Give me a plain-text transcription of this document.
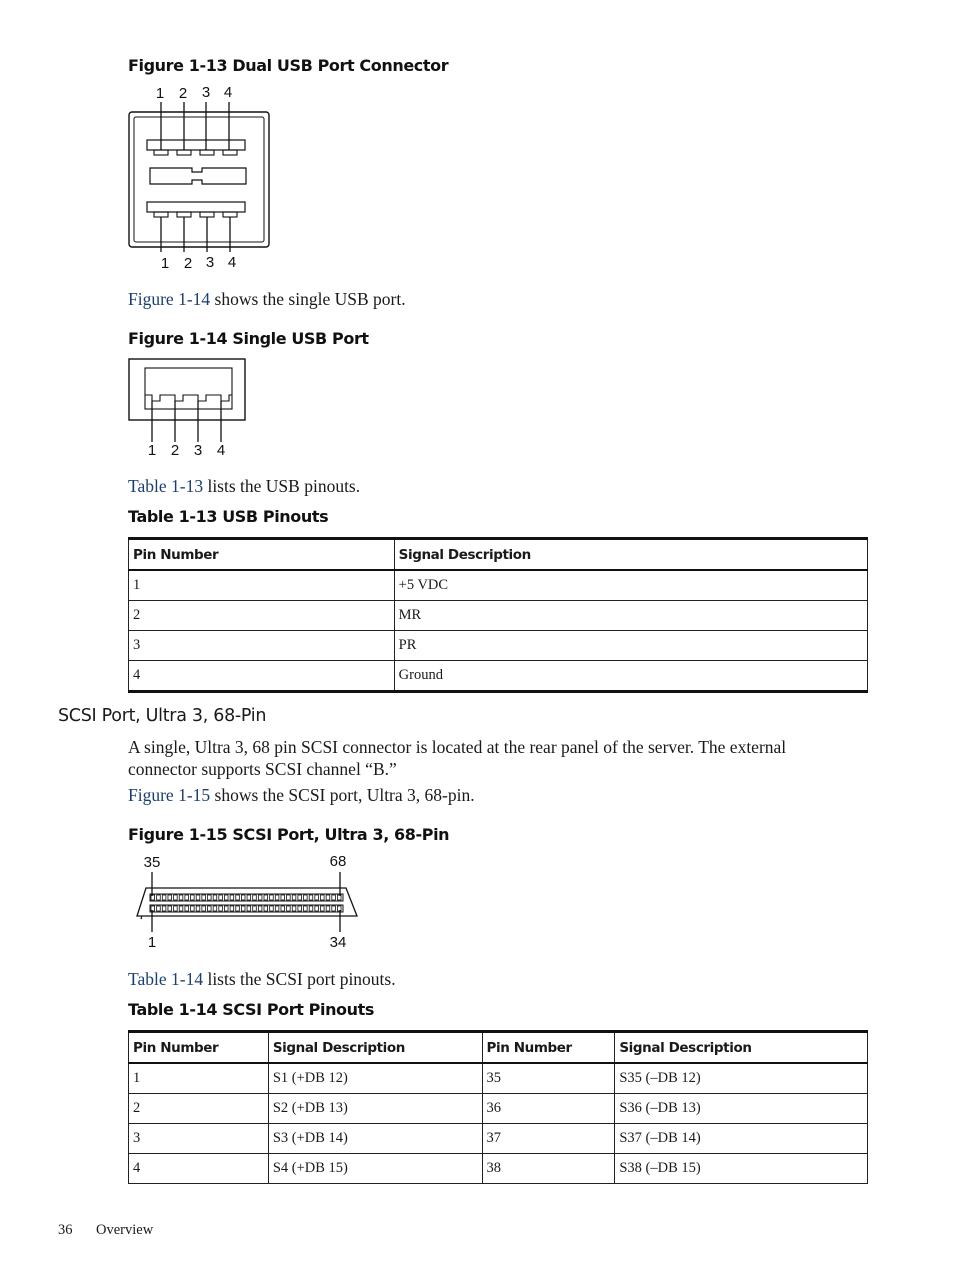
Figure 1-13 Dual USB Port Connector
1 2 3 4
1 2 3 4
Figure 1-14 shows the single USB port.
Figure 1-14 Single USB Port
1 2 3 4
Table 1-13 lists the USB pinouts.
Table 1-13 USB Pinouts
Pin Number	Signal Description
1	+5 VDC
2	MR
3	PR
4	Ground
SCSI Port, Ultra 3, 68-Pin
A single, Ultra 3, 68 pin SCSI connector is located at the rear panel of the server. The external
connector supports SCSI channel “B.”
Figure 1-15 shows the SCSI port, Ultra 3, 68-pin.
Figure 1-15 SCSI Port, Ultra 3, 68-Pin
35	68
1	34
Table 1-14 lists the SCSI port pinouts.
Table 1-14 SCSI Port Pinouts
Pin Number	Signal Description	Pin Number	Signal Description
1	S1 (+DB 12)	35	S35 (–DB 12)
2	S2 (+DB 13)	36	S36 (–DB 13)
3	S3 (+DB 14)	37	S37 (–DB 14)
4	S4 (+DB 15)	38	S38 (–DB 15)
36 Overview
